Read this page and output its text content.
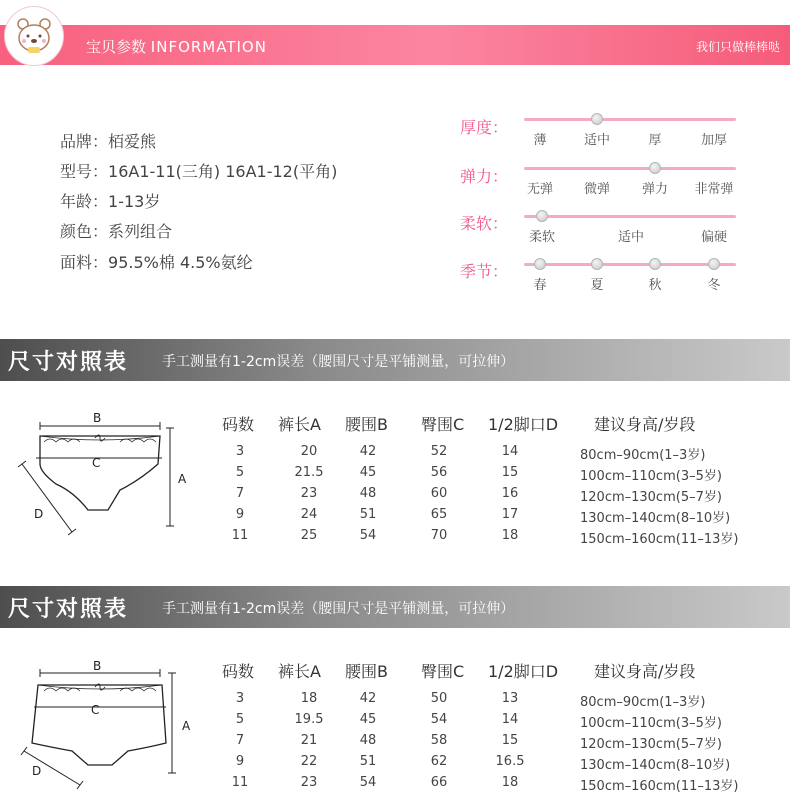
宝贝参数 INFORMATION	我们只做棒棒哒
品牌：栢爱熊
型号：16A1-11(三角) 16A1-12(平角)
年龄：1-13岁
颜色：系列组合
面料：95.5%棉 4.5%氨纶
厚度：
薄	适中	厚	加厚
弹力：
无弹 微弹 弹力 非常弹
柔软：
柔软	适中	偏硬
季节：
春	夏	秋	冬
尺寸对照表 手工测量有1-2cm误差（腰围尺寸是平铺测量，可拉伸）
码数 裤长A 腰围B 臀围C 1/2脚口D 建议身高/岁段
3	20	42	52	14	80cm–90cm(1–3岁)
5	21.5	45	56	15	100cm–110cm(3–5岁)
7	23	48	60	16	120cm–130cm(5–7岁)
9	24	51	65	17	130cm–140cm(8–10岁)
11	25	54	70	18	150cm–160cm(11–13岁)
A
B
C
D
尺寸对照表 手工测量有1-2cm误差（腰围尺寸是平铺测量，可拉伸）
码数 裤长A 腰围B 臀围C 1/2脚口D 建议身高/岁段
3	18	42	50	13	80cm–90cm(1–3岁)
5	19.5	45	54	14	100cm–110cm(3–5岁)
7	21	48	58	15	120cm–130cm(5–7岁)
9	22	51	62	16.5	130cm–140cm(8–10岁)
11	23	54	66	18	150cm–160cm(11–13岁)
A
B
C
D
